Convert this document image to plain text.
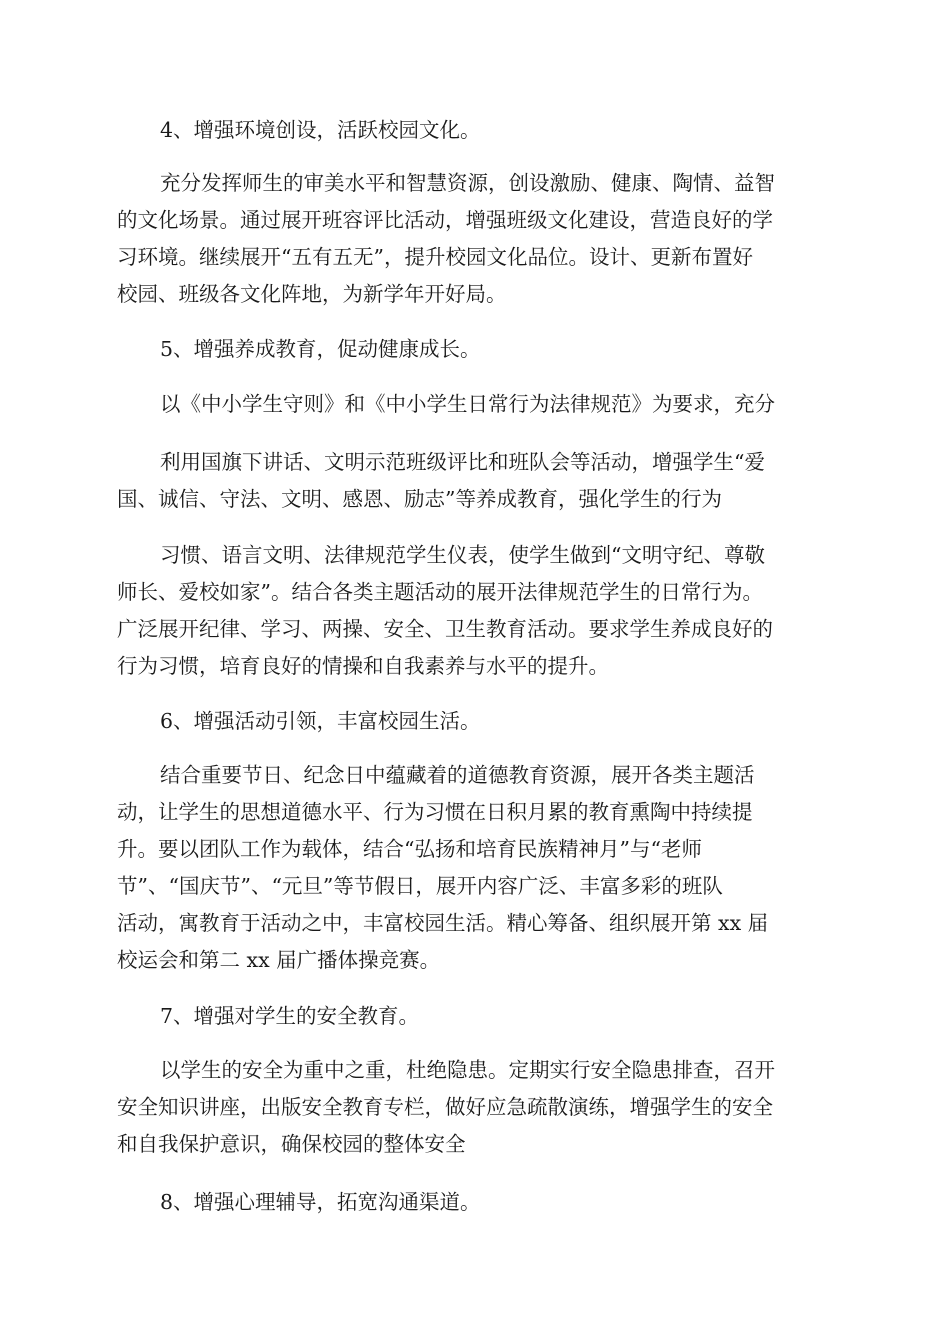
4、增强环境创设，活跃校园文化。

充分发挥师生的审美水平和智慧资源，创设激励、健康、陶情、益智
的文化场景。通过展开班容评比活动，增强班级文化建设，营造良好的学
习环境。继续展开“五有五无”，提升校园文化品位。设计、更新布置好
校园、班级各文化阵地，为新学年开好局。

5、增强养成教育，促动健康成长。

以《中小学生守则》和《中小学生日常行为法律规范》为要求，充分

利用国旗下讲话、文明示范班级评比和班队会等活动，增强学生“爱
国、诚信、守法、文明、感恩、励志”等养成教育，强化学生的行为

习惯、语言文明、法律规范学生仪表，使学生做到“文明守纪、尊敬
师长、爱校如家”。结合各类主题活动的展开法律规范学生的日常行为。
广泛展开纪律、学习、两操、安全、卫生教育活动。要求学生养成良好的
行为习惯，培育良好的情操和自我素养与水平的提升。

6、增强活动引领，丰富校园生活。

结合重要节日、纪念日中蕴藏着的道德教育资源，展开各类主题活
动，让学生的思想道德水平、行为习惯在日积月累的教育熏陶中持续提
升。要以团队工作为载体，结合“弘扬和培育民族精神月”与“老师
节”、“国庆节”、“元旦”等节假日，展开内容广泛、丰富多彩的班队
活动，寓教育于活动之中，丰富校园生活。精心筹备、组织展开第 xx 届
校运会和第二 xx 届广播体操竞赛。

7、增强对学生的安全教育。

以学生的安全为重中之重，杜绝隐患。定期实行安全隐患排查，召开
安全知识讲座，出版安全教育专栏，做好应急疏散演练，增强学生的安全
和自我保护意识，确保校园的整体安全

8、增强心理辅导，拓宽沟通渠道。
